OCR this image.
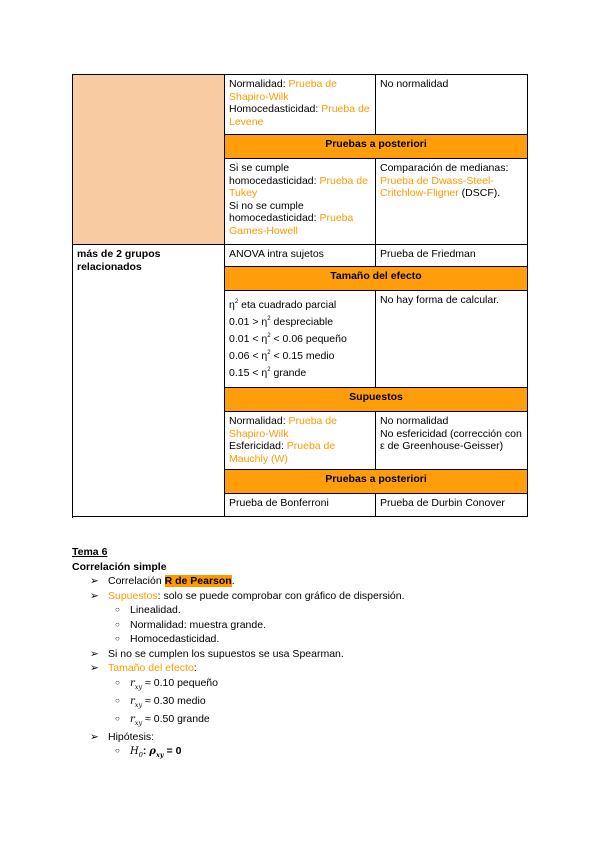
	Normalidad: Prueba de Shapiro-Wilk
Homocedasticidad: Prueba de Levene	No normalidad
	Pruebas a posteriori	
	Si se cumple homocedasticidad: Prueba de Tukey
Si no se cumple homocedasticidad: Prueba Games-Howell	Comparación de medianas: Prueba de Dwass-Steel-Critchlow-Fligner (DSCF).

más de 2 grupos relacionados	ANOVA intra sujetos	Prueba de Friedman
	Tamaño del efecto	

	$\eta^2$ eta cuadrado parcial
$0.01 > \eta^2$ despreciable
$0.01 < \eta^2 < 0.06$ pequeño
$0.06 < \eta^2 < 0.15$ medio
$0.15 < \eta^2$ grande	No hay forma de calcular.
	Supuestos	
	Normalidad: Prueba de Shapiro-Wilk
Esfericidad: Prueba de Mauchly (W)	No normalidad
No esfericidad (corrección con ε de Greenhouse-Geisser)
	Pruebas a posteriori	
	Prueba de Bonferroni	Prueba de Durbin Conover

Tema 6
Correlación simple
➢ Correlación R de Pearson.
➢ Supuestos: solo se puede comprobar con gráfico de dispersión.
○ Linealidad.
○ Normalidad: muestra grande.
○ Homocedasticidad.
➢ Si no se cumplen los supuestos se usa Spearman.
➢ Tamaño del efecto:
○ $r_{xy} \approx 0.10$ pequeño
○ $r_{xy} \approx 0.30$ medio
○ $r_{xy} \approx 0.50$ grande
➢ Hipótesis:
○ $H_0$: $\rho_{xy} = 0$
